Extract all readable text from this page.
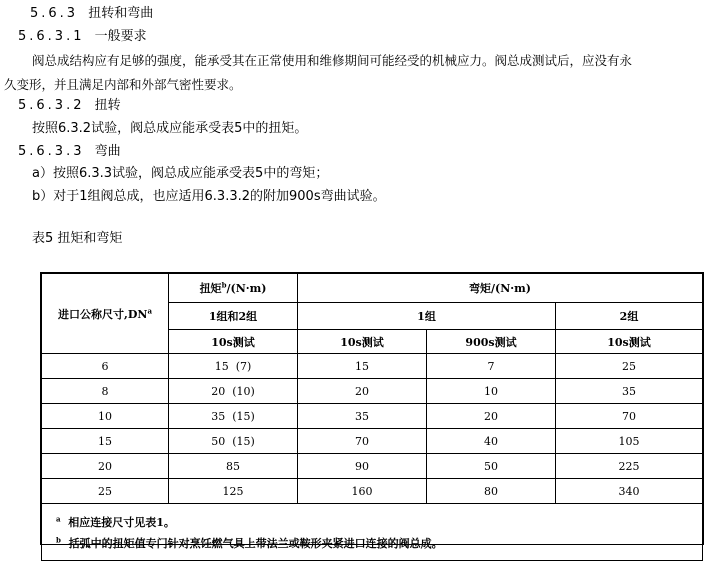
5.6.3 扭转和弯曲
5.6.3.1 一般要求
阀总成结构应有足够的强度，能承受其在正常使用和维修期间可能经受的机械应力。阀总成测试后，应没有永
久变形，并且满足内部和外部气密性要求。
5.6.3.2 扭转
按照6.3.2试验，阀总成应能承受表5中的扭矩。
5.6.3.3 弯曲
a）按照6.3.3试验，阀总成应能承受表5中的弯矩；
b）对于1组阀总成，也应适用6.3.3.2的附加900s弯曲试验。
表5 扭矩和弯矩
进口公称尺寸$,DN^a$	扭矩$^b$/(N·m)	弯矩/(N·m)		
	1组和2组	1组		2组
	10s测试	10s测试	900s测试	10s测试
6	15  (7)	15	7	25
8	20  (10)	20	10	35
10	35  (15)	35	20	70
15	50  (15)	70	40	105
20	85	90	50	225
25	125	160	80	340

$^a$ 相应连接尺寸见表1。
$^b$ 括弧中的扭矩值专门针对烹饪燃气具上带法兰或鞍形夹紧进口连接的阀总成。				
